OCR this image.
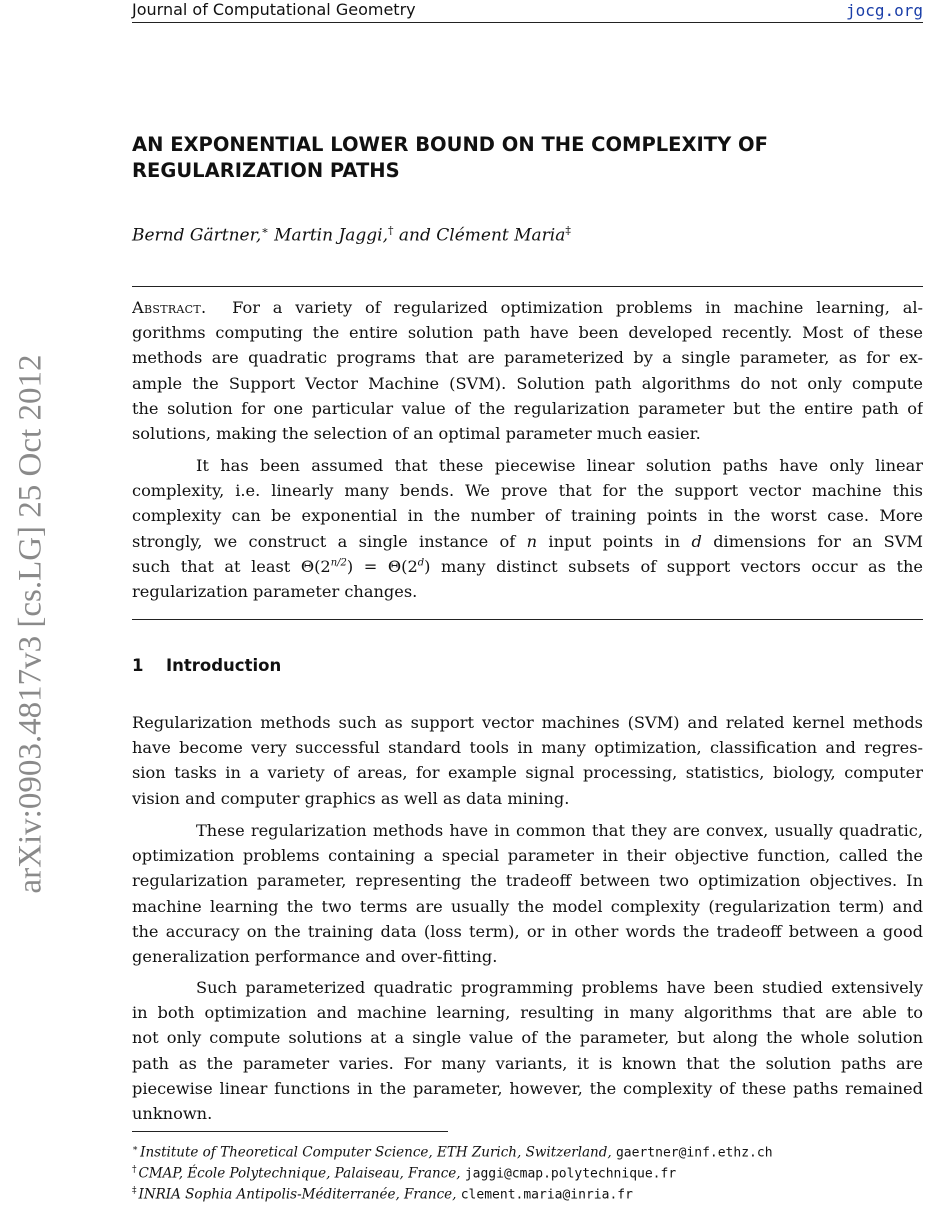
Journal of Computational Geometry	jocg.org
arXiv:0903.4817v3 [cs.LG] 25 Oct 2012
AN EXPONENTIAL LOWER BOUND ON THE COMPLEXITY OF
REGULARIZATION PATHS
Bernd Gärtner,∗ Martin Jaggi,† and Clément Maria‡
Abstract. For a variety of regularized optimization problems in machine learning, al-
gorithms computing the entire solution path have been developed recently. Most of these
methods are quadratic programs that are parameterized by a single parameter, as for ex-
ample the Support Vector Machine (SVM). Solution path algorithms do not only compute
the solution for one particular value of the regularization parameter but the entire path of
solutions, making the selection of an optimal parameter much easier.
It has been assumed that these piecewise linear solution paths have only linear
complexity, i.e. linearly many bends. We prove that for the support vector machine this
complexity can be exponential in the number of training points in the worst case. More
strongly, we construct a single instance of n input points in d dimensions for an SVM
such that at least $\Theta(2^{n/2}) = \Theta(2^d)$ many distinct subsets of support vectors occur as the
regularization parameter changes.
1 Introduction
Regularization methods such as support vector machines (SVM) and related kernel methods
have become very successful standard tools in many optimization, classification and regres-
sion tasks in a variety of areas, for example signal processing, statistics, biology, computer
vision and computer graphics as well as data mining.
These regularization methods have in common that they are convex, usually quadratic,
optimization problems containing a special parameter in their objective function, called the
regularization parameter, representing the tradeoff between two optimization objectives. In
machine learning the two terms are usually the model complexity (regularization term) and
the accuracy on the training data (loss term), or in other words the tradeoff between a good
generalization performance and over-fitting.
Such parameterized quadratic programming problems have been studied extensively
in both optimization and machine learning, resulting in many algorithms that are able to
not only compute solutions at a single value of the parameter, but along the whole solution
path as the parameter varies. For many variants, it is known that the solution paths are
piecewise linear functions in the parameter, however, the complexity of these paths remained
unknown.
∗ Institute of Theoretical Computer Science, ETH Zurich, Switzerland, gaertner@inf.ethz.ch
† CMAP, École Polytechnique, Palaiseau, France, jaggi@cmap.polytechnique.fr
‡ INRIA Sophia Antipolis-Méditerranée, France, clement.maria@inria.fr
